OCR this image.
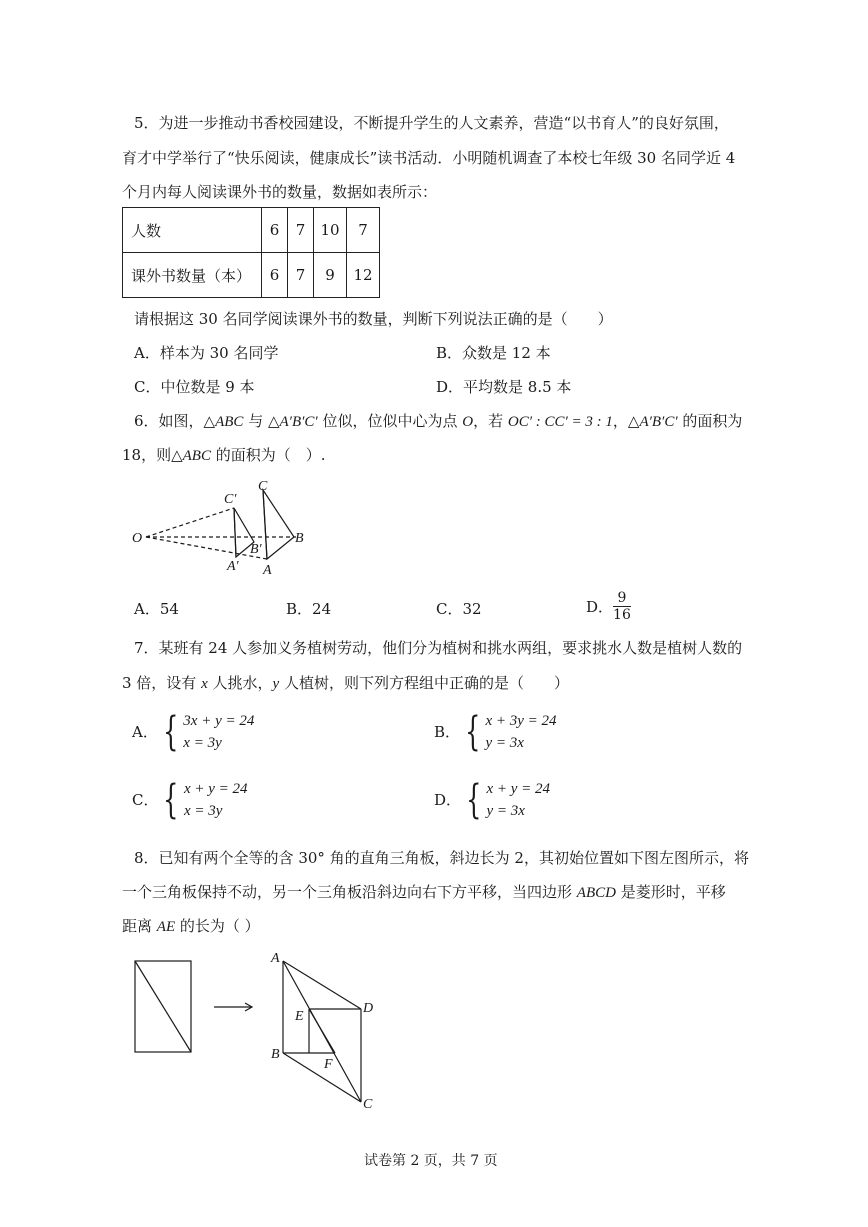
5．为进一步推动书香校园建设，不断提升学生的人文素养，营造“以书育人”的良好氛围，
育才中学举行了“快乐阅读，健康成长”读书活动．小明随机调查了本校七年级 30 名同学近 4
个月内每人阅读课外书的数量，数据如表所示：
人数	6	7	10	7
课外书数量（本）	6	7	9	12
请根据这 30 名同学阅读课外书的数量，判断下列说法正确的是（　　）
A．样本为 30 名同学	B．众数是 12 本
C．中位数是 9 本	D．平均数是 8.5 本
6．如图，△ABC 与 △A′B′C′ 位似，位似中心为点 O，若 OC′ : CC′ = 3 : 1，△A′B′C′ 的面积为
18，则△ABC 的面积为（　）.
O
C′
C
B′
B
A′ A
A．54	B．24	C．32	D． $\frac{9}{16}$
7．某班有 24 人参加义务植树劳动，他们分为植树和挑水两组，要求挑水人数是植树人数的
3 倍，设有 x 人挑水，y 人植树，则下列方程组中正确的是（　　）
A． { 3x + y = 24
x = 3y
B． { x + 3y = 24
y = 3x
C． { x + y = 24
x = 3y
D． { x + y = 24
y = 3x
8．已知有两个全等的含 30° 角的直角三角板，斜边长为 2，其初始位置如下图左图所示，将
一个三角板保持不动，另一个三角板沿斜边向右下方平移，当四边形 ABCD 是菱形时，平移
距离 AE 的长为（ ）
A
D
E
B
F
C
试卷第 2 页，共 7 页
